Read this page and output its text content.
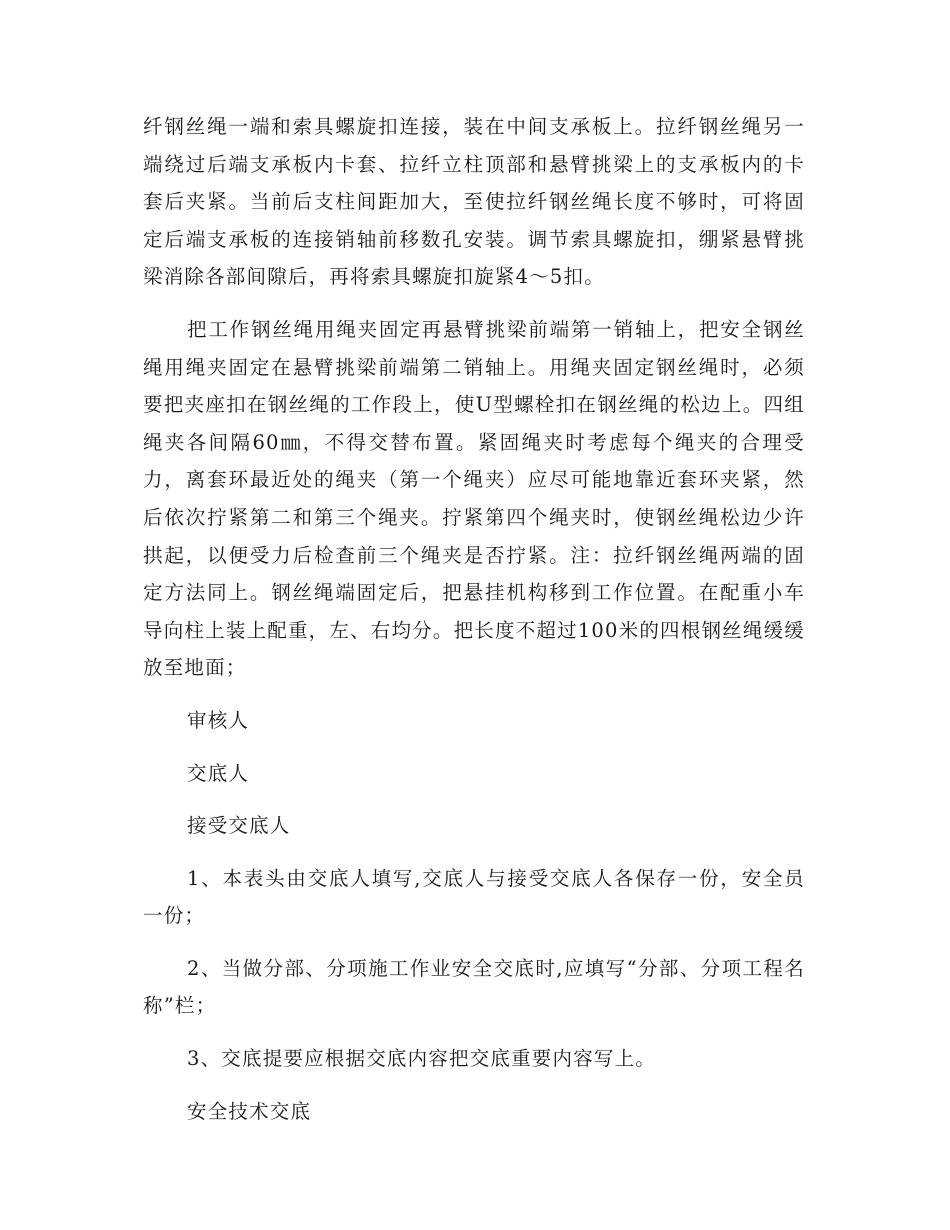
纤钢丝绳一端和索具螺旋扣连接，装在中间支承板上。拉纤钢丝绳另一端绕过后端支承板内卡套、拉纤立柱顶部和悬臂挑梁上的支承板内的卡套后夹紧。当前后支柱间距加大，至使拉纤钢丝绳长度不够时，可将固定后端支承板的连接销轴前移数孔安装。调节索具螺旋扣，绷紧悬臂挑梁消除各部间隙后，再将索具螺旋扣旋紧4～5扣。

把工作钢丝绳用绳夹固定再悬臂挑梁前端第一销轴上，把安全钢丝绳用绳夹固定在悬臂挑梁前端第二销轴上。用绳夹固定钢丝绳时，必须要把夹座扣在钢丝绳的工作段上，使U型螺栓扣在钢丝绳的松边上。四组绳夹各间隔60㎜，不得交替布置。紧固绳夹时考虑每个绳夹的合理受力，离套环最近处的绳夹（第一个绳夹）应尽可能地靠近套环夹紧，然后依次拧紧第二和第三个绳夹。拧紧第四个绳夹时，使钢丝绳松边少许拱起，以便受力后检查前三个绳夹是否拧紧。注：拉纤钢丝绳两端的固定方法同上。钢丝绳端固定后，把悬挂机构移到工作位置。在配重小车导向柱上装上配重，左、右均分。把长度不超过100米的四根钢丝绳缓缓放至地面；

审核人

交底人

接受交底人

1、本表头由交底人填写,交底人与接受交底人各保存一份，安全员一份；

2、当做分部、分项施工作业安全交底时,应填写“分部、分项工程名称”栏；

3、交底提要应根据交底内容把交底重要内容写上。

安全技术交底
